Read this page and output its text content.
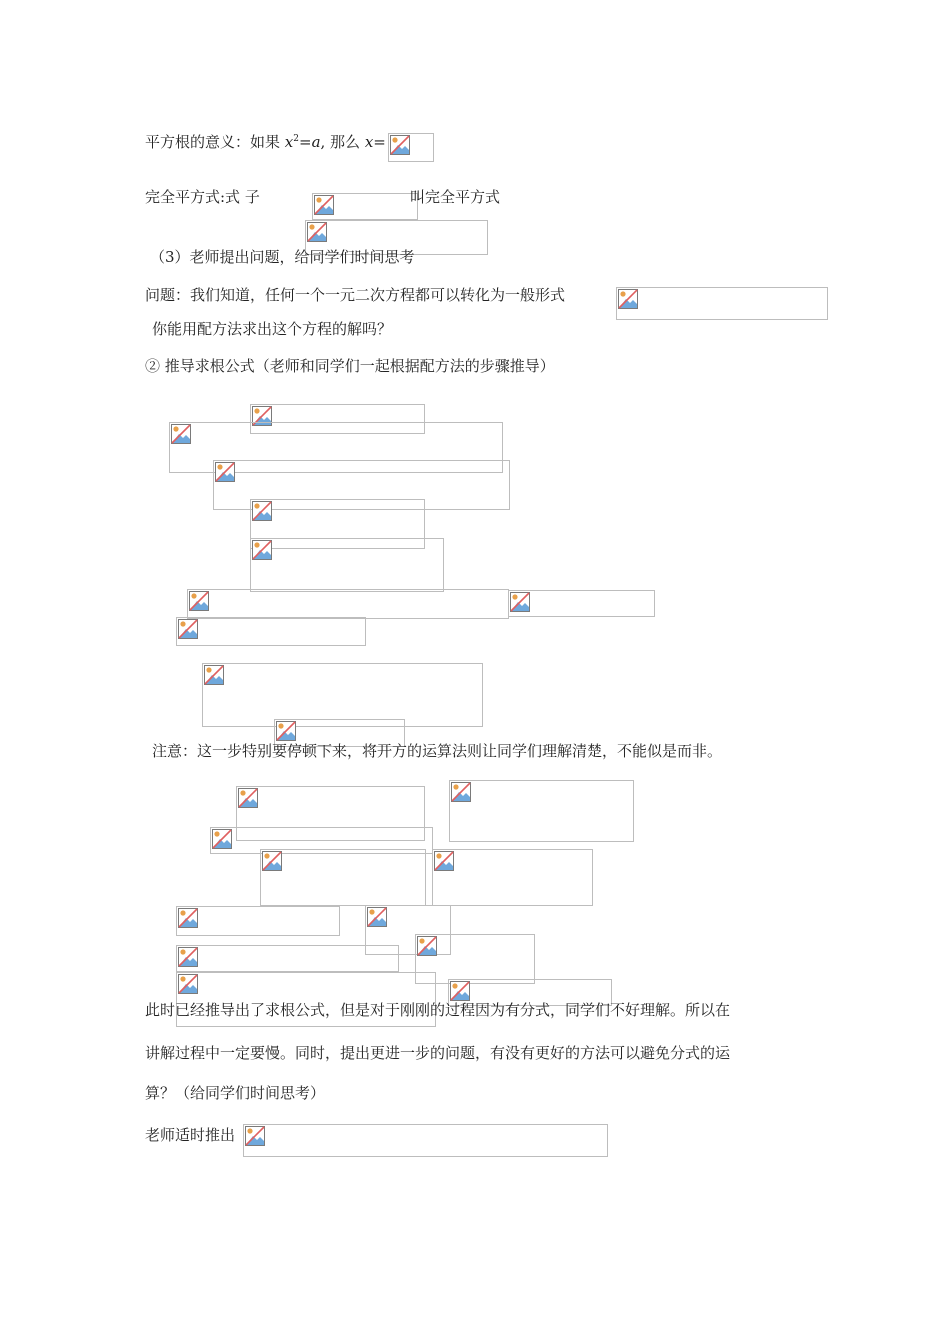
平方根的意义：如果 $x^2=a$, 那么 x=
完全平方式:式 子	叫完全平方式
（3）老师提出问题，给同学们时间思考
问题：我们知道，任何一个一元二次方程都可以转化为一般形式
你能用配方法求出这个方程的解吗？
② 推导求根公式（老师和同学们一起根据配方法的步骤推导）
注意：这一步特别要停顿下来，将开方的运算法则让同学们理解清楚，不能似是而非。
此时已经推导出了求根公式，但是对于刚刚的过程因为有分式，同学们不好理解。所以在
讲解过程中一定要慢。同时，提出更进一步的问题，有没有更好的方法可以避免分式的运
算？（给同学们时间思考）
老师适时推出
